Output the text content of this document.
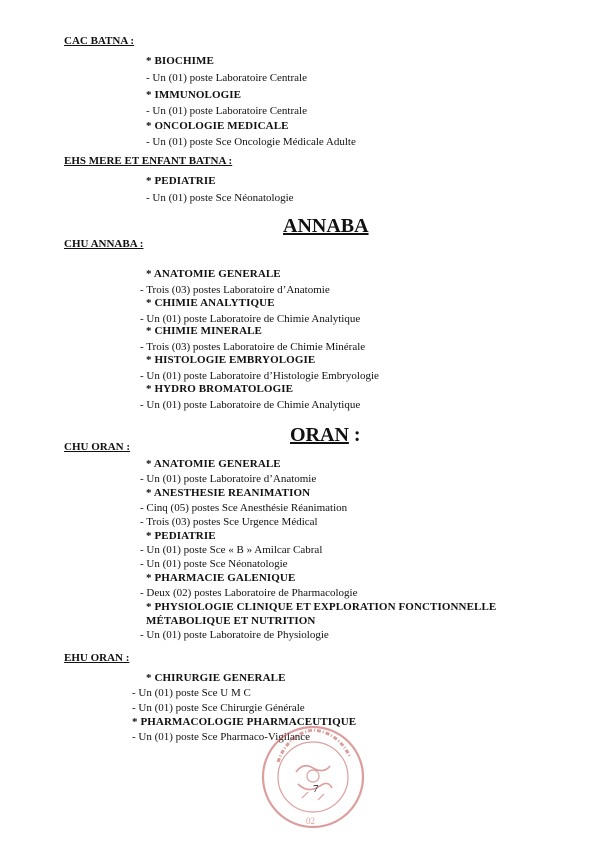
CAC BATNA :
* BIOCHIME
- Un (01) poste Laboratoire Centrale
* IMMUNOLOGIE
- Un (01) poste Laboratoire Centrale
* ONCOLOGIE MEDICALE
- Un (01) poste Sce Oncologie Médicale Adulte
EHS MERE ET ENFANT BATNA :
* PEDIATRIE
- Un (01) poste Sce Néonatologie
ANNABA
CHU ANNABA :
* ANATOMIE GENERALE
- Trois (03) postes Laboratoire d’Anatomie
* CHIMIE ANALYTIQUE
- Un (01) poste Laboratoire de Chimie Analytique
* CHIMIE MINERALE
- Trois (03) postes Laboratoire de Chimie Minérale
* HISTOLOGIE EMBRYOLOGIE
- Un (01) poste Laboratoire d’Histologie Embryologie
* HYDRO BROMATOLOGIE
- Un (01) poste Laboratoire de Chimie Analytique
ORAN :
CHU ORAN :
* ANATOMIE GENERALE
- Un (01) poste Laboratoire d’Anatomie
* ANESTHESIE REANIMATION
- Cinq (05) postes Sce Anesthésie Réanimation
- Trois (03) postes Sce Urgence Médical
* PEDIATRIE
- Un (01) poste Sce « B » Amilcar Cabral
- Un (01) poste Sce Néonatologie
* PHARMACIE GALENIQUE
- Deux (02) postes Laboratoire de Pharmacologie
* PHYSIOLOGIE CLINIQUE ET EXPLORATION FONCTIONNELLE
MÉTABOLIQUE ET NUTRITION
- Un (01) poste Laboratoire de Physiologie
EHU ORAN :
* CHIRURGIE GENERALE
- Un (01) poste Sce U M C
- Un (01) poste Sce Chirurgie Générale
* PHARMACOLOGIE PHARMACEUTIQUE
- Un (01) poste Sce Pharmaco-Vigilance
02
7
